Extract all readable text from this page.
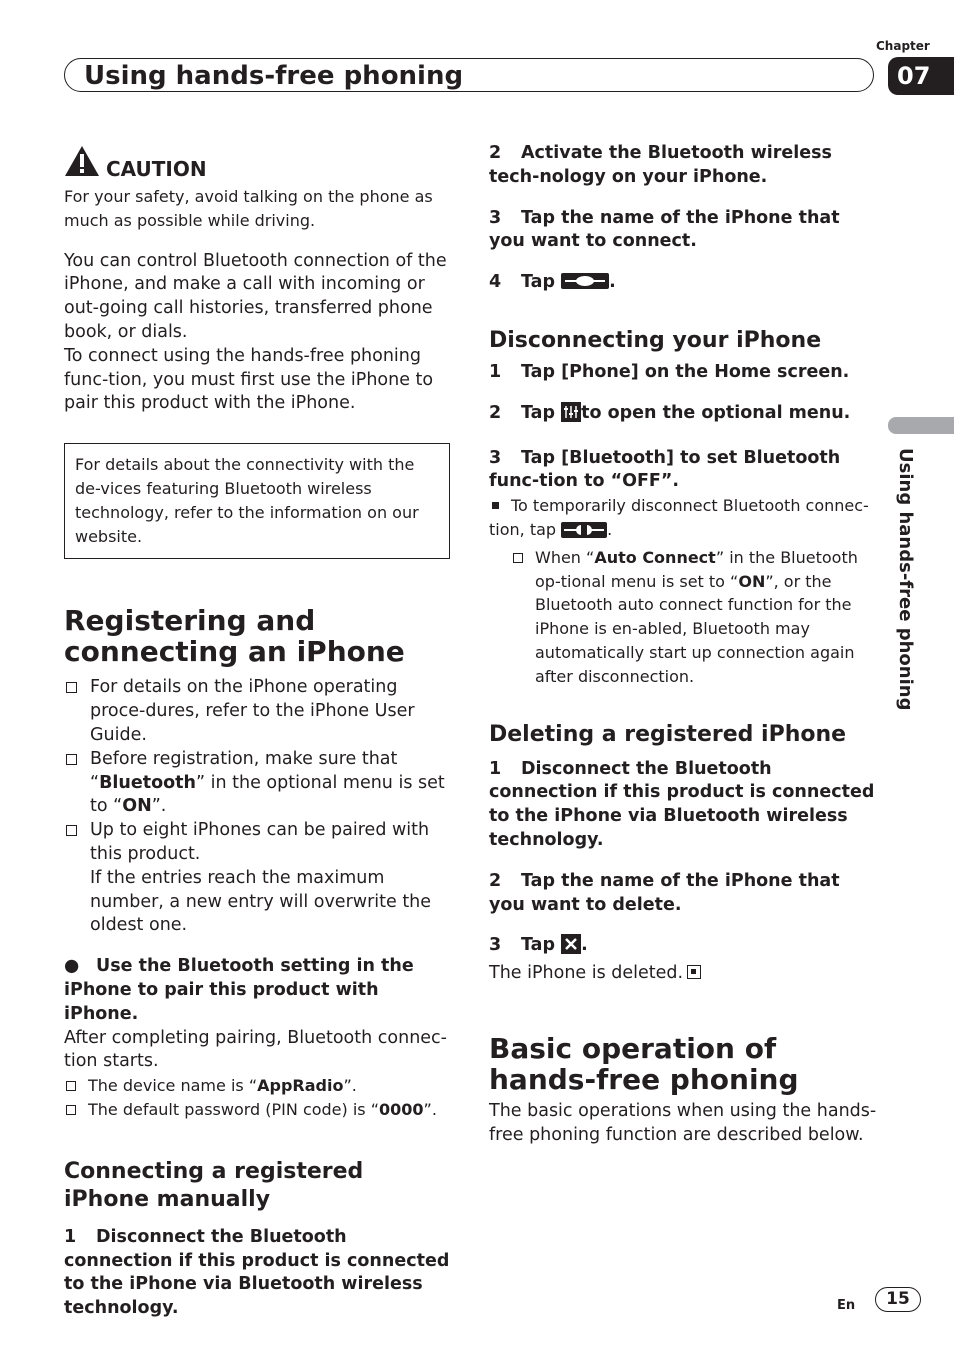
Chapter
07
Using hands-free phoning
Using hands-free phoning
CAUTION

For your safety, avoid talking on the phone as much as possible while driving.

You can control Bluetooth connection of the iPhone, and make a call with incoming or out-going call histories, transferred phone book, or dials.

To connect using the hands-free phoning func-tion, you must first use the iPhone to pair this product with the iPhone.

For details about the connectivity with the de-vices featuring Bluetooth wireless technology, refer to the information on our website.
Registering and connecting an iPhone
For details on the iPhone operating proce-dures, refer to the iPhone User Guide.
Before registration, make sure that “Bluetooth” in the optional menu is set to “ON”.
Up to eight iPhones can be paired with this product.
If the entries reach the maximum number, a new entry will overwrite the oldest one.

● Use the Bluetooth setting in the iPhone to pair this product with iPhone.

After completing pairing, Bluetooth connec-tion starts.

The device name is “AppRadio”.
The default password (PIN code) is “0000”.
Connecting a registered iPhone manually

1 Disconnect the Bluetooth connection if this product is connected to the iPhone via Bluetooth wireless technology.

2 Activate the Bluetooth wireless tech-nology on your iPhone.

3 Tap the name of the iPhone that you want to connect.

4 Tap	.

Disconnecting your iPhone

1 Tap [Phone] on the Home screen.

2 Tap to open the optional menu.

3 Tap [Bluetooth] to set Bluetooth func-tion to “OFF”.

To temporarily disconnect Bluetooth connec-tion, tap	.

When “Auto Connect” in the Bluetooth op-tional menu is set to “ON”, or the Bluetooth auto connect function for the iPhone is en-abled, Bluetooth may automatically start up connection again after disconnection.
Deleting a registered iPhone

1 Disconnect the Bluetooth connection if this product is connected to the iPhone via Bluetooth wireless technology.

2 Tap the name of the iPhone that you want to delete.

3 Tap .

The iPhone is deleted.

Basic operation of hands-free phoning

The basic operations when using the hands-free phoning function are described below.

En	15
